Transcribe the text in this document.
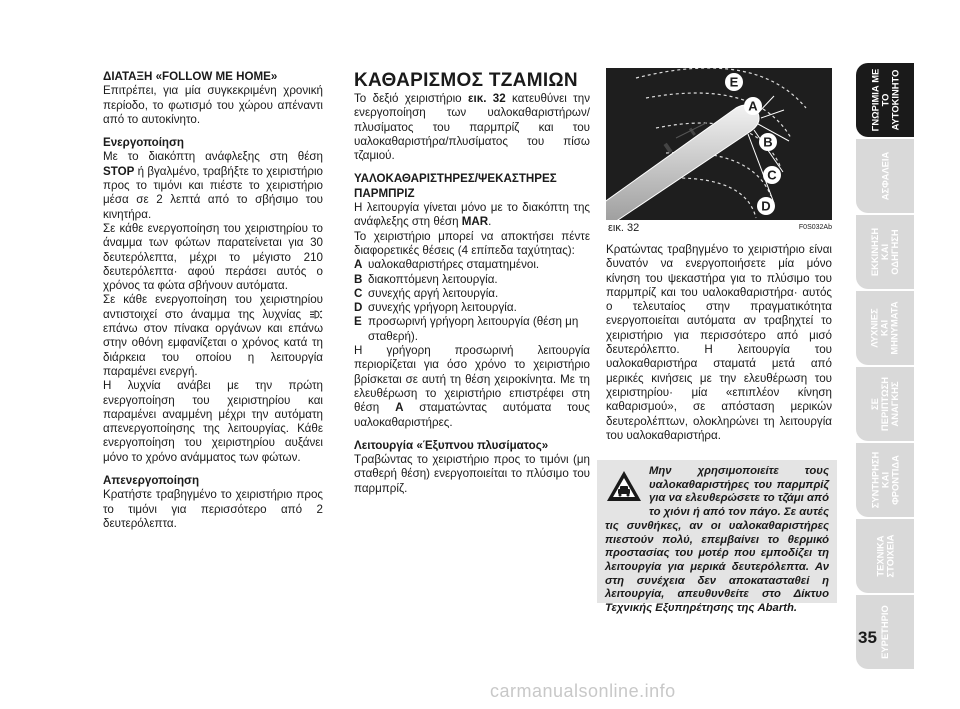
ΔΙΑΤΑΞΗ «FOLLOW ME HOME»

Επιτρέπει, για μία συγκεκριμένη χρονική περίοδο, το φωτισμό του χώρου απέναντι από το αυτοκίνητο.

Ενεργοποίηση

Με το διακόπτη ανάφλεξης στη θέση STOP ή βγαλμένο, τραβήξτε το χειριστήριο προς το τιμόνι και πιέστε το χειριστήριο μέσα σε 2 λεπτά από το σβήσιμο του κινητήρα.

Σε κάθε ενεργοποίηση του χειριστηρίου το άναμμα των φώτων παρατείνεται για 30 δευτερόλεπτα, μέχρι το μέγιστο 210 δευτερόλεπτα· αφού περάσει αυτός ο χρόνος τα φώτα σβήνουν αυτόματα.

Σε κάθε ενεργοποίηση του χειριστηρίου αντιστοιχεί στο άναμμα της λυχνίας  επάνω στον πίνακα οργάνων και επάνω στην οθόνη εμφανίζεται ο χρόνος κατά τη διάρκεια του οποίου η λειτουργία παραμένει ενεργή.

Η λυχνία ανάβει με την πρώτη ενεργοποίηση του χειριστηρίου και παραμένει αναμμένη μέχρι την αυτόματη απενεργοποίησης της λειτουργίας. Κάθε ενεργοποίηση του χειριστηρίου αυξάνει μόνο το χρόνο ανάμματος των φώτων.

Απενεργοποίηση

Κρατήστε τραβηγμένο το χειριστήριο προς το τιμόνι για περισσότερο από 2 δευτερόλεπτα.

ΚΑΘΑΡΙΣΜΟΣ ΤΖΑΜΙΩΝ

Το δεξιό χειριστήριο εικ. 32 κατευθύνει την ενεργοποίηση των υαλοκαθαριστήρων/πλυσίματος του παρμπρίζ και του υαλοκαθαριστήρα/πλυσίματος του πίσω τζαμιού.

ΥΑΛΟΚΑΘΑΡΙΣΤΗΡΕΣ/ΨΕΚΑΣΤΗΡΕΣ ΠΑΡΜΠΡΙΖ

Η λειτουργία γίνεται μόνο με το διακόπτη της ανάφλεξης στη θέση MAR.

Το χειριστήριο μπορεί να αποκτήσει πέντε διαφορετικές θέσεις (4 επίπεδα ταχύτητας):

A υαλοκαθαριστήρες σταματημένοι.
B διακοπτόμενη λειτουργία.
C συνεχής αργή λειτουργία.
D συνεχής γρήγορη λειτουργία.
E προσωρινή γρήγορη λειτουργία (θέση μη σταθερή).

Η γρήγορη προσωρινή λειτουργία περιορίζεται για όσο χρόνο το χειριστήριο βρίσκεται σε αυτή τη θέση χειροκίνητα. Με τη ελευθέρωση το χειριστήριο επιστρέφει στη θέση A σταματώντας αυτόματα τους υαλοκαθαριστήρες.

Λειτουργία «Έξυπνου πλυσίματος»

Τραβώντας το χειριστήριο προς το τιμόνι (μη σταθερή θέση) ενεργοποιείται το πλύσιμο του παρμπρίζ.

E
A
B
C
D
εικ. 32	F0S032Ab

Κρατώντας τραβηγμένο το χειριστήριο είναι δυνατόν να ενεργοποιήσετε μία μόνο κίνηση του ψεκαστήρα για το πλύσιμο του παρμπρίζ και του υαλοκαθαριστήρα· αυτός ο τελευταίος στην πραγματικότητα ενεργοποιείται αυτόματα αν τραβηχτεί το χειριστήριο για περισσότερο από μισό δευτερόλεπτο. Η λειτουργία του υαλοκαθαριστήρα σταματά μετά από μερικές κινήσεις με την ελευθέρωση του χειριστηρίου· μία «επιπλέον κίνηση καθαρισμού», σε απόσταση μερικών δευτερολέπτων, ολοκληρώνει τη λειτουργία του υαλοκαθαριστήρα.

Μην χρησιμοποιείτε τους υαλοκαθαριστήρες του παρμπρίζ για να ελευθερώσετε το τζάμι από το χιόνι ή από τον πάγο. Σε αυτές τις συνθήκες, αν οι υαλοκαθαριστήρες πιεστούν πολύ, επεμβαίνει το θερμικό προστασίας του μοτέρ που εμποδίζει τη λειτουργία για μερικά δευτερόλεπτα. Αν στη συνέχεια δεν αποκατασταθεί η λειτουργία, απευθυνθείτε στο Δίκτυο Τεχνικής Εξυπηρέτησης της Abarth.
ΓΝΩΡΙΜΙΑ ΜΕ
ΤΟ
ΑΥΤΟΚΙΝΗΤΟ
ΑΣΦΑΛΕΙΑ
ΕΚΚΙΝΗΣΗ
ΚΑΙ
ΟΔΗΓΗΣΗ
ΛΥΧΝΙΕΣ
ΚΑΙ
ΜΗΝΥΜΑΤΑ
ΣΕ
ΠΕΡΙΠΤΩΣΗ
ΑΝΑΓΚΗΣ
ΣΥΝΤΗΡΗΣΗ
ΚΑΙ
ΦΡΟΝΤΙΔΑ
ΤΕΧΝΙΚΑ
ΣΤΟΙΧΕΙΑ
ΕΥΡΕΤΗΡΙΟ
35
carmanualsonline.info
